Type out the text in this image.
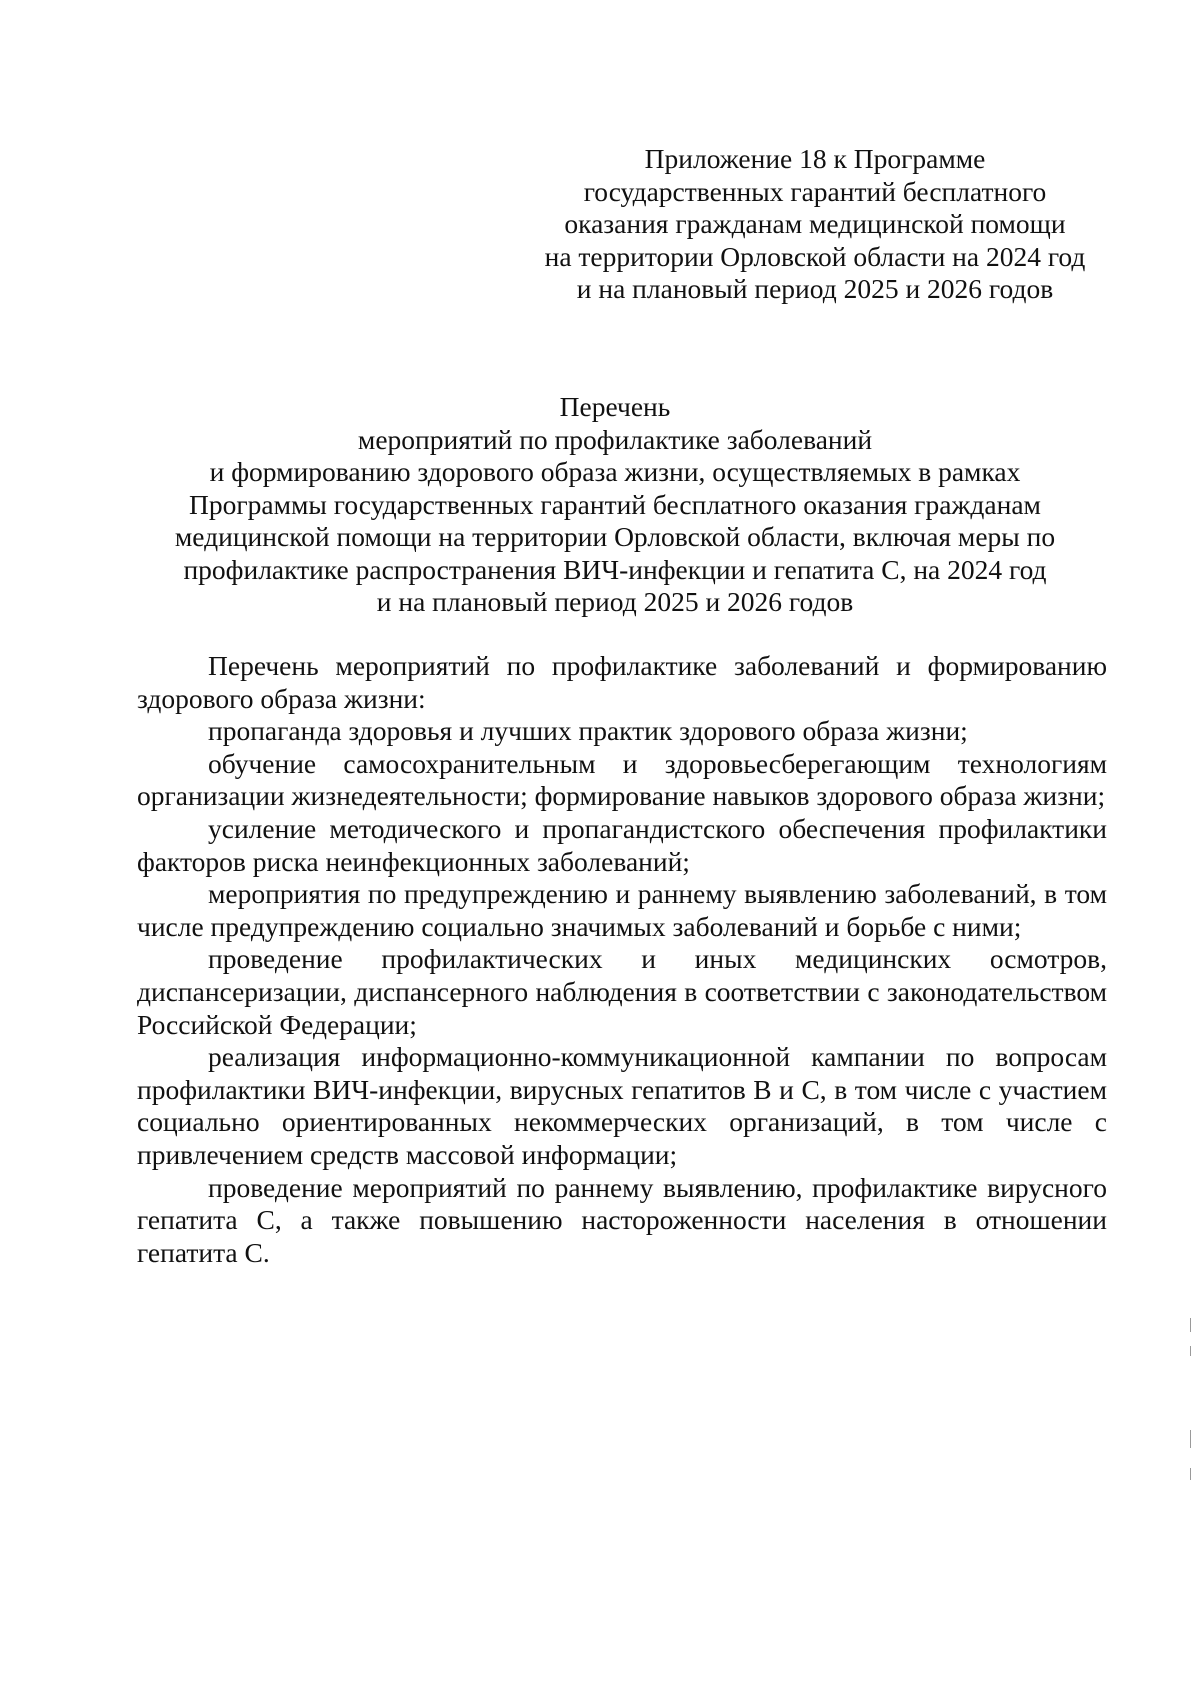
Приложение 18 к Программе
государственных гарантий бесплатного
оказания гражданам медицинской помощи
на территории Орловской области на 2024 год
и на плановый период 2025 и 2026 годов
Перечень
мероприятий по профилактике заболеваний
и формированию здорового образа жизни, осуществляемых в рамках
Программы государственных гарантий бесплатного оказания гражданам
медицинской помощи на территории Орловской области, включая меры по
профилактике распространения ВИЧ-инфекции и гепатита С, на 2024 год
и на плановый период 2025 и 2026 годов

Перечень мероприятий по профилактике заболеваний и формированию здорового образа жизни:

пропаганда здоровья и лучших практик здорового образа жизни;

обучение самосохранительным и здоровьесберегающим технологиям организации жизнедеятельности; формирование навыков здорового образа жизни;

усиление методического и пропагандистского обеспечения профилактики факторов риска неинфекционных заболеваний;

мероприятия по предупреждению и раннему выявлению заболеваний, в том числе предупреждению социально значимых заболеваний и борьбе с ними;

проведение профилактических и иных медицинских осмотров, диспансеризации, диспансерного наблюдения в соответствии с законодательством Российской Федерации;

реализация информационно-коммуникационной кампании по вопросам профилактики ВИЧ-инфекции, вирусных гепатитов В и С, в том числе с участием социально ориентированных некоммерческих организаций, в том числе с привлечением средств массовой информации;

проведение мероприятий по раннему выявлению, профилактике вирусного гепатита С, а также повышению настороженности населения в отношении гепатита С.
